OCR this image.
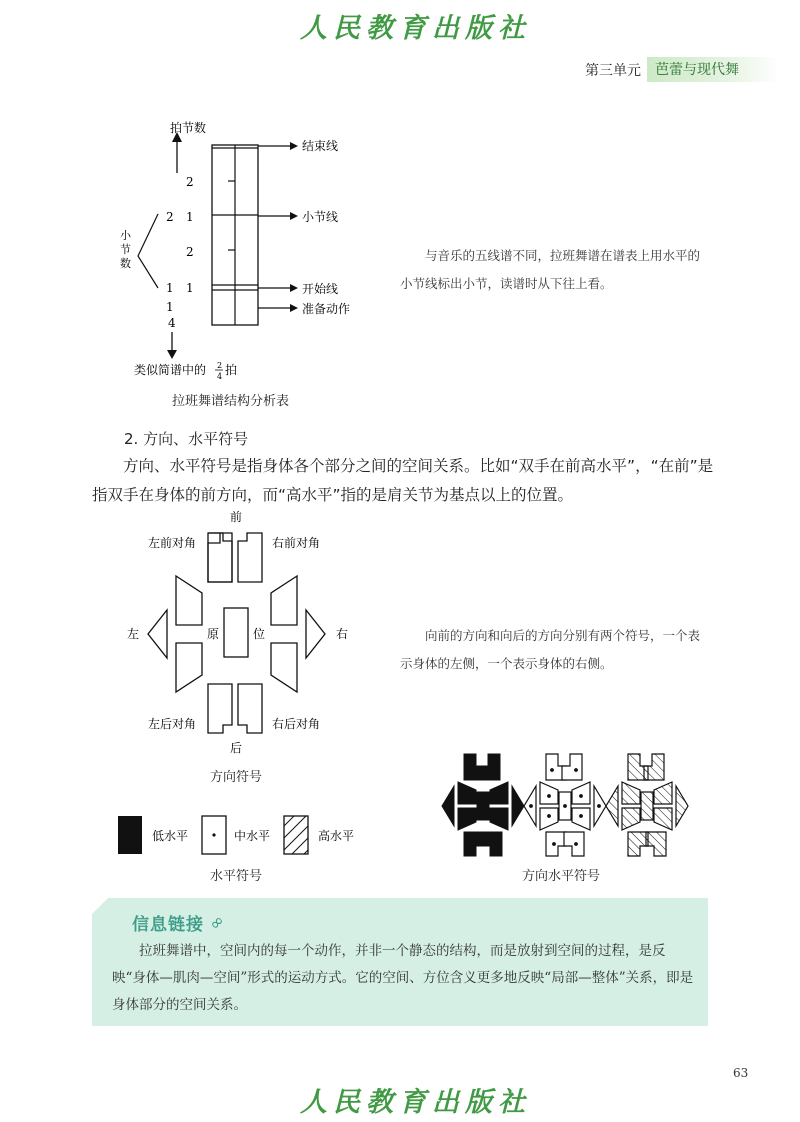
人民教育出版社
第三单元	芭蕾与现代舞
拍节数
结束线
小节线
开始线
准备动作
2
2 1
2
1 1
1
4
小
节
数
类似简谱中的 2
4 拍
拉班舞谱结构分析表
与音乐的五线谱不同，拉班舞谱在谱表上用水平的小节线标出小节，读谱时从下往上看。
2. 方向、水平符号
方向、水平符号是指身体各个部分之间的空间关系。比如“双手在前高水平”，“在前”是指双手在身体的前方向，而“高水平”指的是肩关节为基点以上的位置。
前
左前对角	右前对角
左	原	位	右
左后对角	右后对角
后
方向符号
向前的方向和向后的方向分别有两个符号，一个表示身体的左侧，一个表示身体的右侧。
低水平	中水平	高水平
水平符号	方向水平符号
信息链接 ∞
拉班舞谱中，空间内的每一个动作，并非一个静态的结构，而是放射到空间的过程，是反映“身体—肌肉—空间”形式的运动方式。它的空间、方位含义更多地反映“局部—整体”关系，即是身体部分的空间关系。
63
人民教育出版社
